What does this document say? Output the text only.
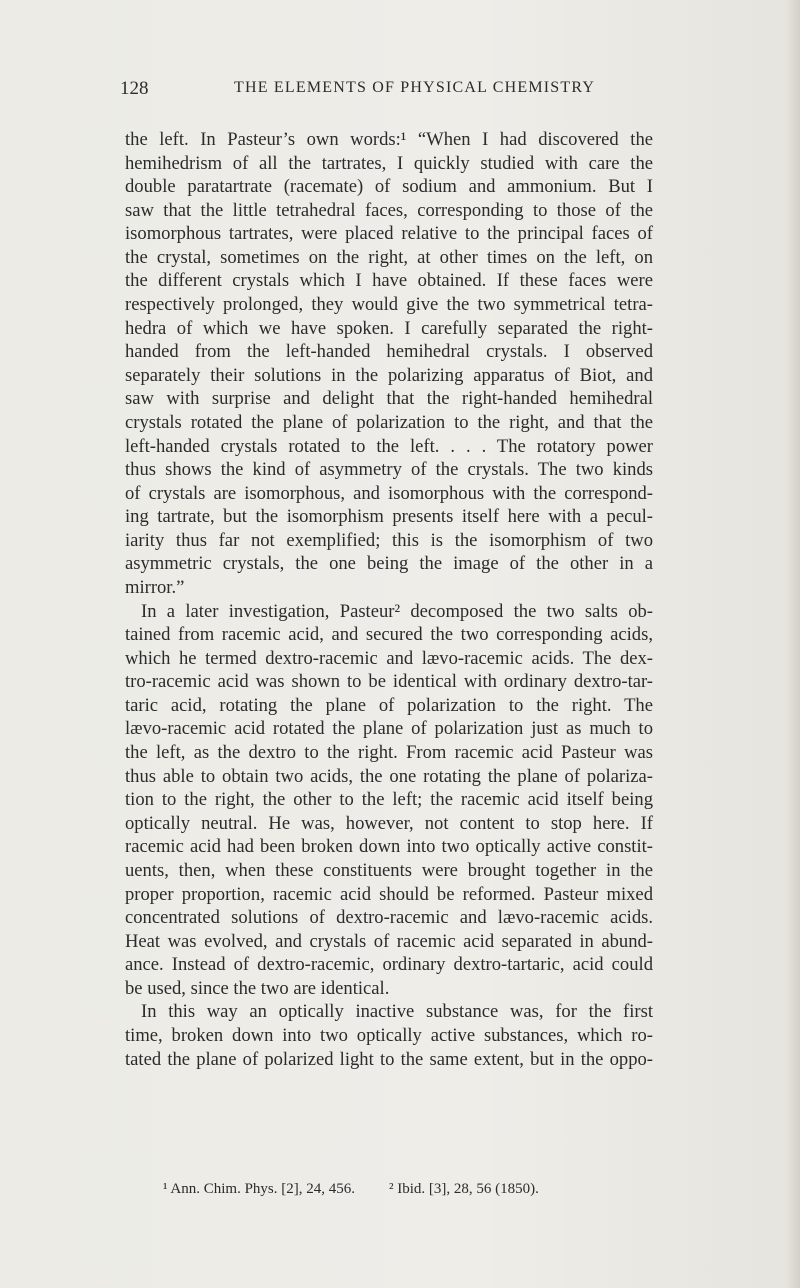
128	THE ELEMENTS OF PHYSICAL CHEMISTRY
the left. In Pasteur’s own words:¹ “When I had discovered the
hemihedrism of all the tartrates, I quickly studied with care the
double paratartrate (racemate) of sodium and ammonium. But I
saw that the little tetrahedral faces, corresponding to those of the
isomorphous tartrates, were placed relative to the principal faces of
the crystal, sometimes on the right, at other times on the left, on
the different crystals which I have obtained. If these faces were
respectively prolonged, they would give the two symmetrical tetra-
hedra of which we have spoken. I carefully separated the right-
handed from the left-handed hemihedral crystals. I observed
separately their solutions in the polarizing apparatus of Biot, and
saw with surprise and delight that the right-handed hemihedral
crystals rotated the plane of polarization to the right, and that the
left-handed crystals rotated to the left. . . . The rotatory power
thus shows the kind of asymmetry of the crystals. The two kinds
of crystals are isomorphous, and isomorphous with the correspond-
ing tartrate, but the isomorphism presents itself here with a pecul-
iarity thus far not exemplified; this is the isomorphism of two
asymmetric crystals, the one being the image of the other in a
mirror.”
In a later investigation, Pasteur² decomposed the two salts ob-
tained from racemic acid, and secured the two corresponding acids,
which he termed dextro-racemic and lævo-racemic acids. The dex-
tro-racemic acid was shown to be identical with ordinary dextro-tar-
taric acid, rotating the plane of polarization to the right. The
lævo-racemic acid rotated the plane of polarization just as much to
the left, as the dextro to the right. From racemic acid Pasteur was
thus able to obtain two acids, the one rotating the plane of polariza-
tion to the right, the other to the left; the racemic acid itself being
optically neutral. He was, however, not content to stop here. If
racemic acid had been broken down into two optically active constit-
uents, then, when these constituents were brought together in the
proper proportion, racemic acid should be reformed. Pasteur mixed
concentrated solutions of dextro-racemic and lævo-racemic acids.
Heat was evolved, and crystals of racemic acid separated in abund-
ance. Instead of dextro-racemic, ordinary dextro-tartaric, acid could
be used, since the two are identical.
In this way an optically inactive substance was, for the first
time, broken down into two optically active substances, which ro-
tated the plane of polarized light to the same extent, but in the oppo-
¹ Ann. Chim. Phys. [2], 24, 456. ² Ibid. [3], 28, 56 (1850).
